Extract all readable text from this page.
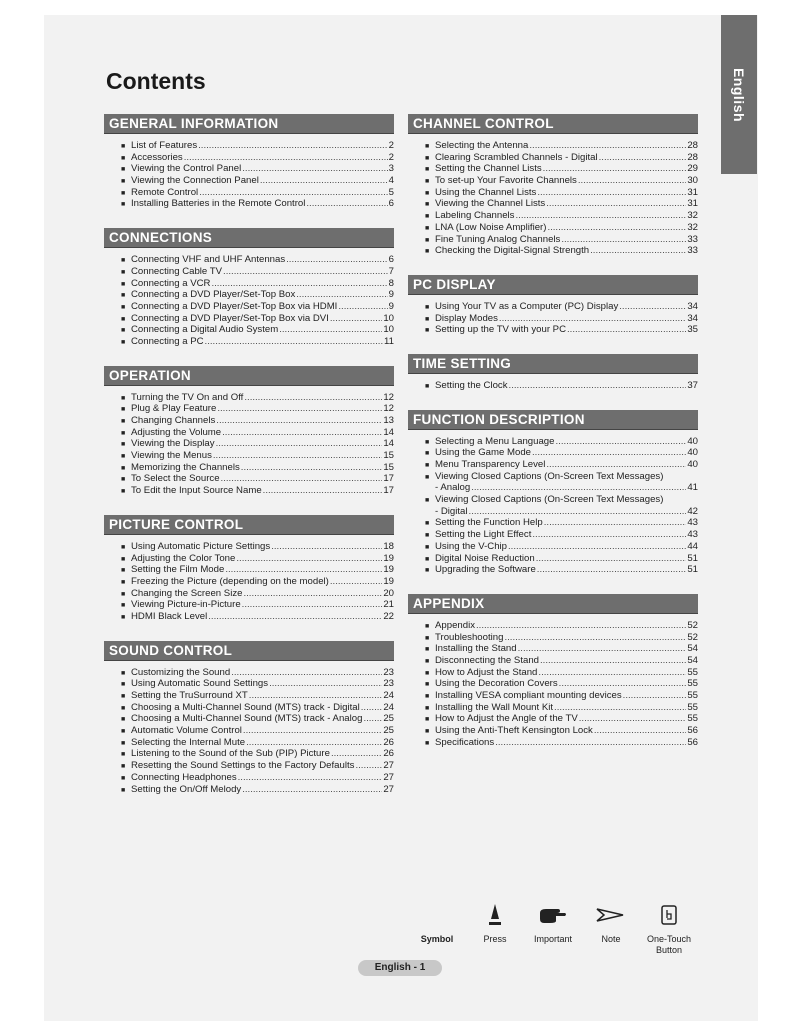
English
Contents
GENERAL INFORMATION
■ List of Features .....	2
■ Accessories .....	2
■ Viewing the Control Panel .....	3
■ Viewing the Connection Panel .....	4
■ Remote Control .....	5
■ Installing Batteries in the Remote Control .....	6
CONNECTIONS
■ Connecting VHF and UHF Antennas .....	6
■ Connecting Cable TV .....	7
■ Connecting a VCR .....	8
■ Connecting a DVD Player/Set-Top Box .....	9
■ Connecting a DVD Player/Set-Top Box via HDMI .....	9
■ Connecting a DVD Player/Set-Top Box via DVI .....	10
■ Connecting a Digital Audio System .....	10
■ Connecting a PC .....	11
OPERATION
■ Turning the TV On and Off .....	12
■ Plug & Play Feature .....	12
■ Changing Channels .....	13
■ Adjusting the Volume .....	14
■ Viewing the Display .....	14
■ Viewing the Menus .....	15
■ Memorizing the Channels .....	15
■ To Select the Source .....	17
■ To Edit the Input Source Name .....	17
PICTURE CONTROL
■ Using Automatic Picture Settings .....	18
■ Adjusting the Color Tone .....	19
■ Setting the Film Mode .....	19
■ Freezing the Picture (depending on the model) .....	19
■ Changing the Screen Size .....	20
■ Viewing Picture-in-Picture .....	21
■ HDMI Black Level .....	22
SOUND CONTROL
■ Customizing the Sound .....	23
■ Using Automatic Sound Settings .....	23
■ Setting the TruSurround XT .....	24
■ Choosing a Multi-Channel Sound (MTS) track - Digital ..... 24
■ Choosing a Multi-Channel Sound (MTS) track - Analog ..... 25
■ Automatic Volume Control .....	25
■ Selecting the Internal Mute .....	26
■ Listening to the Sound of the Sub (PIP) Picture .....	26
■ Resetting the Sound Settings to the Factory Defaults .....	27
■ Connecting Headphones .....	27
■ Setting the On/Off Melody .....	27
CHANNEL CONTROL
■ Selecting the Antenna .....	28
■ Clearing Scrambled Channels - Digital .....	28
■ Setting the Channel Lists .....	29
■ To set-up Your Favorite Channels .....	30
■ Using the Channel Lists .....	31
■ Viewing the Channel Lists .....	31
■ Labeling Channels .....	32
■ LNA (Low Noise Amplifier) .....	32
■ Fine Tuning Analog Channels .....	33
■ Checking the Digital-Signal Strength .....	33
PC DISPLAY
■ Using Your TV as a Computer (PC) Display .....	34
■ Display Modes .....	34
■ Setting up the TV with your PC .....	35
TIME SETTING
■ Setting the Clock .....	37
FUNCTION DESCRIPTION
■ Selecting a Menu Language .....	40
■ Using the Game Mode .....	40
■ Menu Transparency Level .....	40
■ Viewing Closed Captions (On-Screen Text Messages)
- Analog .....	41
■ Viewing Closed Captions (On-Screen Text Messages)
- Digital .....	42
■ Setting the Function Help .....	43
■ Setting the Light Effect .....	43
■ Using the V-Chip .....	44
■ Digital Noise Reduction .....	51
■ Upgrading the Software .....	51
APPENDIX
■ Appendix .....	52
■ Troubleshooting .....	52
■ Installing the Stand .....	54
■ Disconnecting the Stand .....	54
■ How to Adjust the Stand .....	55
■ Using the Decoration Covers .....	55
■ Installing VESA compliant mounting devices .....	55
■ Installing the Wall Mount Kit .....	55
■ How to Adjust the Angle of the TV .....	55
■ Using the Anti-Theft Kensington Lock .....	56
■ Specifications .....	56
Symbol	Press	Important	Note	One-Touch Button
English - 1
